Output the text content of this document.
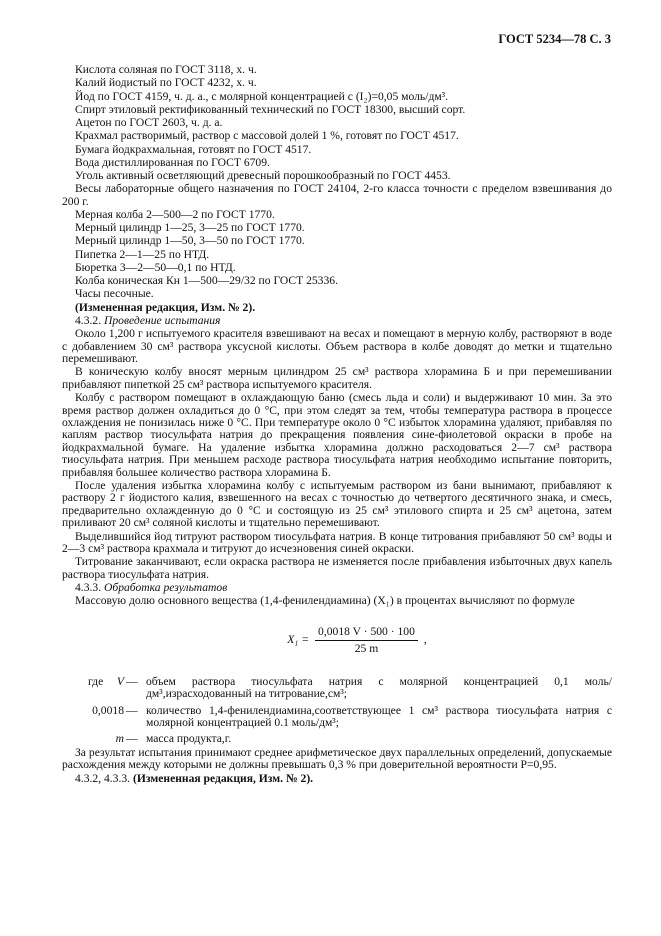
ГОСТ 5234—78 С. 3

Кислота соляная по ГОСТ 3118, х. ч.

Калий йодистый по ГОСТ 4232, х. ч.

Йод по ГОСТ 4159, ч. д. а., с молярной концентрацией c (I₂)=0,05 моль/дм³.

Спирт этиловый ректификованный технический по ГОСТ 18300, высший сорт.

Ацетон по ГОСТ 2603, ч. д. а.

Крахмал растворимый, раствор с массовой долей 1 %, готовят по ГОСТ 4517.

Бумага йодкрахмальная, готовят по ГОСТ 4517.

Вода дистиллированная по ГОСТ 6709.

Уголь активный осветляющий древесный порошкообразный по ГОСТ 4453.

Весы лабораторные общего назначения по ГОСТ 24104, 2-го класса точности с пределом взвешивания до 200 г.

Мерная колба 2—500—2 по ГОСТ 1770.

Мерный цилиндр 1—25, 3—25 по ГОСТ 1770.

Мерный цилиндр 1—50, 3—50 по ГОСТ 1770.

Пипетка 2—1—25 по НТД.

Бюретка 3—2—50—0,1 по НТД.

Колба коническая Кн 1—500—29/32 по ГОСТ 25336.

Часы песочные.

(Измененная редакция, Изм. № 2).

4.3.2. Проведение испытания

Около 1,200 г испытуемого красителя взвешивают на весах и помещают в мерную колбу, растворяют в воде с добавлением 30 см³ раствора уксусной кислоты. Объем раствора в колбе доводят до метки и тщательно перемешивают.

В коническую колбу вносят мерным цилиндром 25 см³ раствора хлорамина Б и при перемешивании прибавляют пипеткой 25 см³ раствора испытуемого красителя.

Колбу с раствором помещают в охлаждающую баню (смесь льда и соли) и выдерживают 10 мин. За это время раствор должен охладиться до 0 °С, при этом следят за тем, чтобы температура раствора в процессе охлаждения не понизилась ниже 0 °С. При температуре около 0 °С избыток хлорамина удаляют, прибавляя по каплям раствор тиосульфата натрия до прекращения появления сине-фиолетовой окраски в пробе на йодкрахмальной бумаге. На удаление избытка хлорамина должно расходоваться 2—7 см³ раствора тиосульфата натрия. При меньшем расходе раствора тиосульфата натрия необходимо испытание повторить, прибавляя большее количество раствора хлорамина Б.

После удаления избытка хлорамина колбу с испытуемым раствором из бани вынимают, прибавляют к раствору 2 г йодистого калия, взвешенного на весах с точностью до четвертого десятичного знака, и смесь, предварительно охлажденную до 0 °С и состоящую из 25 см³ этилового спирта и 25 см³ ацетона, затем приливают 20 см³ соляной кислоты и тщательно перемешивают.

Выделившийся йод титруют раствором тиосульфата натрия. В конце титрования прибавляют 50 см³ воды и 2—3 см³ раствора крахмала и титруют до исчезновения синей окраски.

Титрование заканчивают, если окраска раствора не изменяется после прибавления избыточных двух капель раствора тиосульфата натрия.

4.3.3. Обработка результатов

Массовую долю основного вещества (1,4-фенилендиамина) (X₁) в процентах вычисляют по формуле

$X_1 = \frac{0,0018 V \cdot 500 \cdot 100}{25 m}$ ,
где	V — объем раствора тиосульфата натрия с молярной концентрацией 0,1 моль/дм³,израсходованный на титрование,см³;
0,0018 — количество 1,4-фенилендиамина,соответствующее 1 см³ раствора тиосульфата натрия с молярной концентрацией 0.1 моль/дм³;
m — масса продукта,г.

За результат испытания принимают среднее арифметическое двух параллельных определений, допускаемые расхождения между которыми не должны превышать 0,3 % при доверительной вероятности P=0,95.

4.3.2, 4.3.3. (Измененная редакция, Изм. № 2).
